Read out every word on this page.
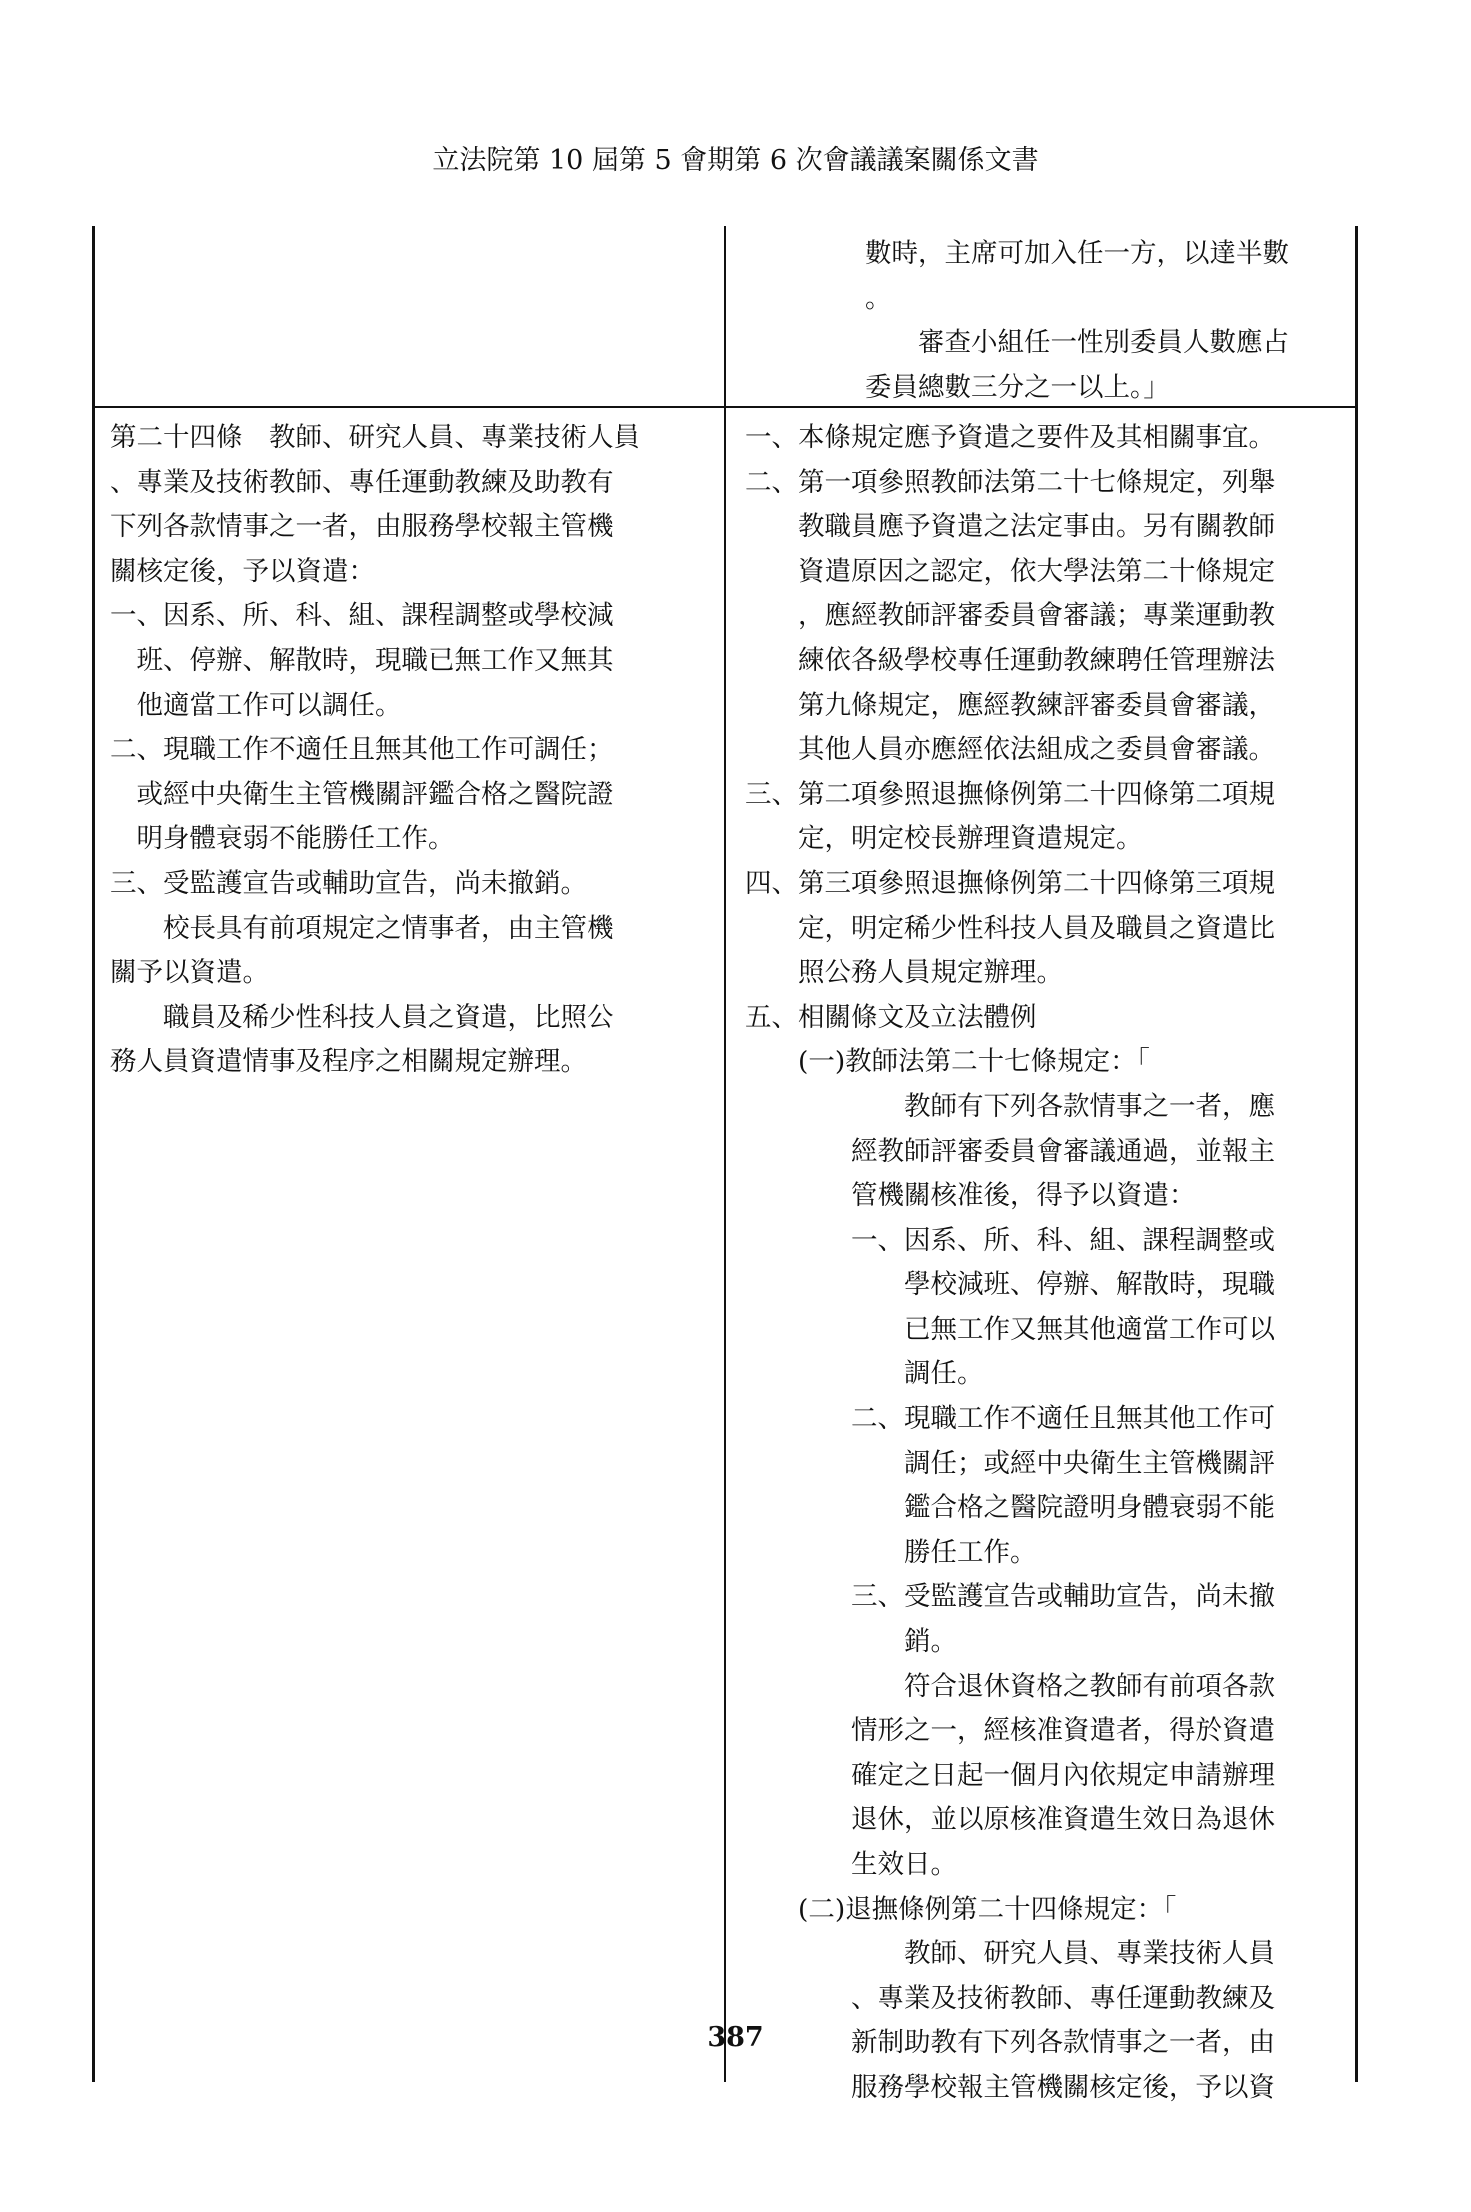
立法院第 10 屆第 5 會期第 6 次會議議案關係文書

數時，主席可加入任一方，以達半數

。

　　審查小組任一性別委員人數應占

委員總數三分之一以上。」

第二十四條　教師、研究人員、專業技術人員

、專業及技術教師、專任運動教練及助教有

下列各款情事之一者，由服務學校報主管機

關核定後，予以資遣：

一、因系、所、科、組、課程調整或學校減

　班、停辦、解散時，現職已無工作又無其

　他適當工作可以調任。

二、現職工作不適任且無其他工作可調任；

　或經中央衛生主管機關評鑑合格之醫院證

　明身體衰弱不能勝任工作。

三、受監護宣告或輔助宣告，尚未撤銷。

　　校長具有前項規定之情事者，由主管機

關予以資遣。

　　職員及稀少性科技人員之資遣，比照公

務人員資遣情事及程序之相關規定辦理。

一、本條規定應予資遣之要件及其相關事宜。

二、第一項參照教師法第二十七條規定，列舉

　　教職員應予資遣之法定事由。另有關教師

　　資遣原因之認定，依大學法第二十條規定

　　，應經教師評審委員會審議；專業運動教

　　練依各級學校專任運動教練聘任管理辦法

　　第九條規定，應經教練評審委員會審議，

　　其他人員亦應經依法組成之委員會審議。

三、第二項參照退撫條例第二十四條第二項規

　　定，明定校長辦理資遣規定。

四、第三項參照退撫條例第二十四條第三項規

　　定，明定稀少性科技人員及職員之資遣比

　　照公務人員規定辦理。

五、相關條文及立法體例

　　(一)教師法第二十七條規定：「

　　　　　　教師有下列各款情事之一者，應

　　　　經教師評審委員會審議通過，並報主

　　　　管機關核准後，得予以資遣：

　　　　一、因系、所、科、組、課程調整或

　　　　　　學校減班、停辦、解散時，現職

　　　　　　已無工作又無其他適當工作可以

　　　　　　調任。

　　　　二、現職工作不適任且無其他工作可

　　　　　　調任；或經中央衛生主管機關評

　　　　　　鑑合格之醫院證明身體衰弱不能

　　　　　　勝任工作。

　　　　三、受監護宣告或輔助宣告，尚未撤

　　　　　　銷。

　　　　　　符合退休資格之教師有前項各款

　　　　情形之一，經核准資遣者，得於資遣

　　　　確定之日起一個月內依規定申請辦理

　　　　退休，並以原核准資遣生效日為退休

　　　　生效日。

　　(二)退撫條例第二十四條規定：「

　　　　　　教師、研究人員、專業技術人員

　　　　、專業及技術教師、專任運動教練及

　　　　新制助教有下列各款情事之一者，由

　　　　服務學校報主管機關核定後，予以資

387
